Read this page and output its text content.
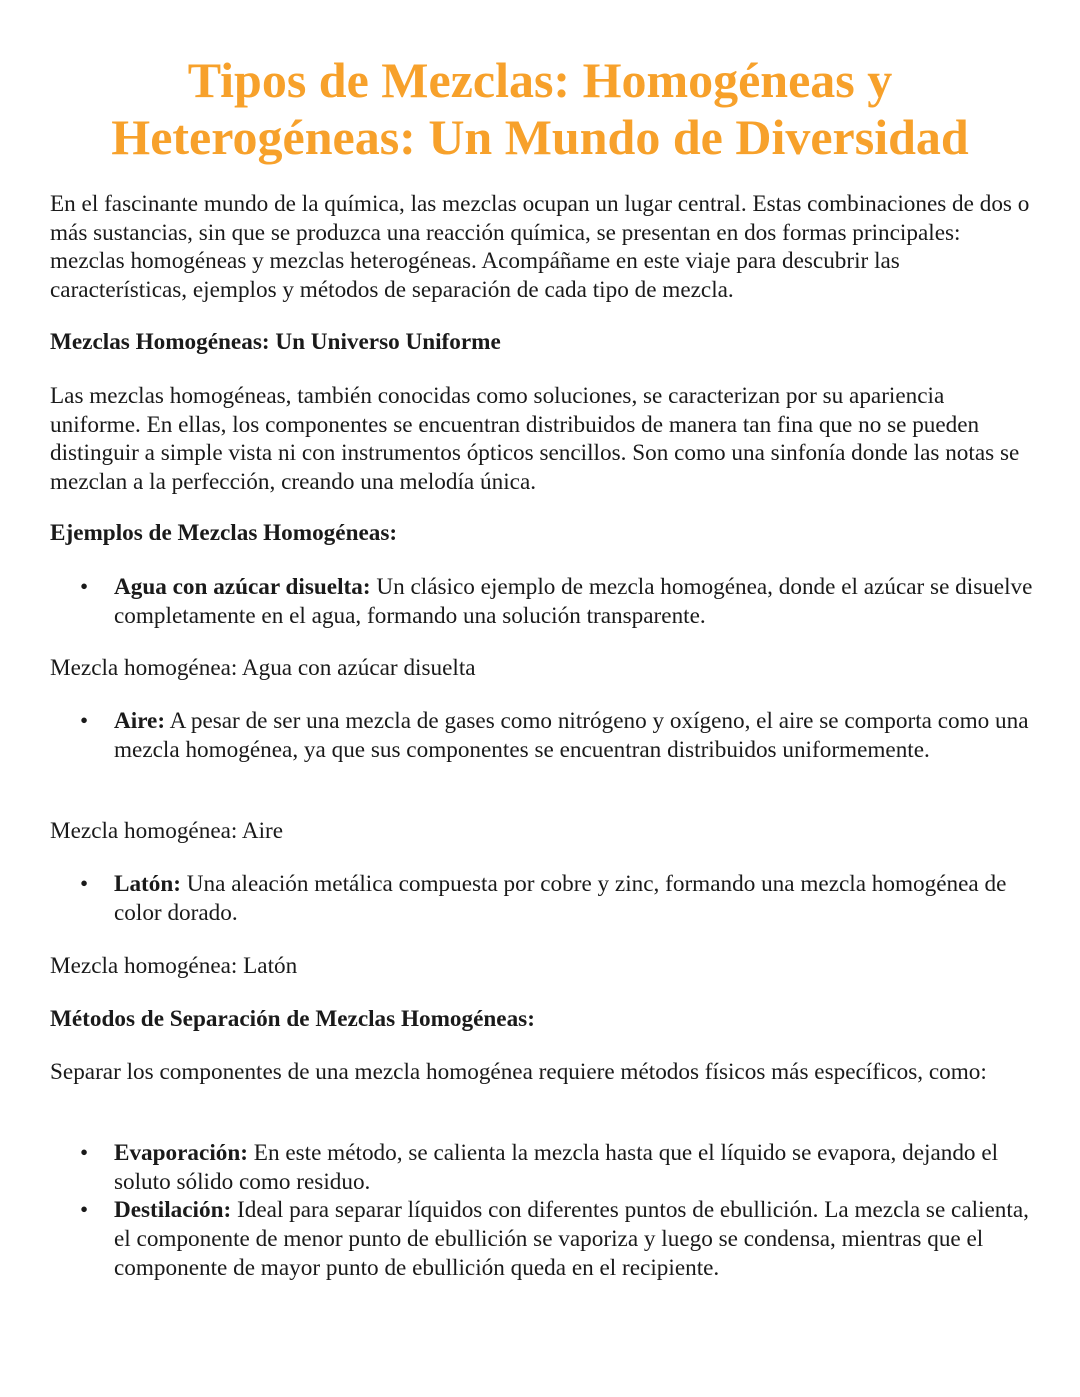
Tipos de Mezclas: Homogéneas y
Heterogéneas: Un Mundo de Diversidad

En el fascinante mundo de la química, las mezclas ocupan un lugar central. Estas combinaciones de dos o más sustancias, sin que se produzca una reacción química, se presentan en dos formas principales: mezclas homogéneas y mezclas heterogéneas. Acompáñame en este viaje para descubrir las características, ejemplos y métodos de separación de cada tipo de mezcla.

Mezclas Homogéneas: Un Universo Uniforme

Las mezclas homogéneas, también conocidas como soluciones, se caracterizan por su apariencia uniforme. En ellas, los componentes se encuentran distribuidos de manera tan fina que no se pueden distinguir a simple vista ni con instrumentos ópticos sencillos. Son como una sinfonía donde las notas se mezclan a la perfección, creando una melodía única.

Ejemplos de Mezclas Homogéneas:

• Agua con azúcar disuelta: Un clásico ejemplo de mezcla homogénea, donde el azúcar se disuelve completamente en el agua, formando una solución transparente.

Mezcla homogénea: Agua con azúcar disuelta

• Aire: A pesar de ser una mezcla de gases como nitrógeno y oxígeno, el aire se comporta como una mezcla homogénea, ya que sus componentes se encuentran distribuidos uniformemente.

Mezcla homogénea: Aire

• Latón: Una aleación metálica compuesta por cobre y zinc, formando una mezcla homogénea de color dorado.

Mezcla homogénea: Latón

Métodos de Separación de Mezclas Homogéneas:

Separar los componentes de una mezcla homogénea requiere métodos físicos más específicos, como:

• Evaporación: En este método, se calienta la mezcla hasta que el líquido se evapora, dejando el soluto sólido como residuo.
• Destilación: Ideal para separar líquidos con diferentes puntos de ebullición. La mezcla se calienta, el componente de menor punto de ebullición se vaporiza y luego se condensa, mientras que el componente de mayor punto de ebullición queda en el recipiente.
